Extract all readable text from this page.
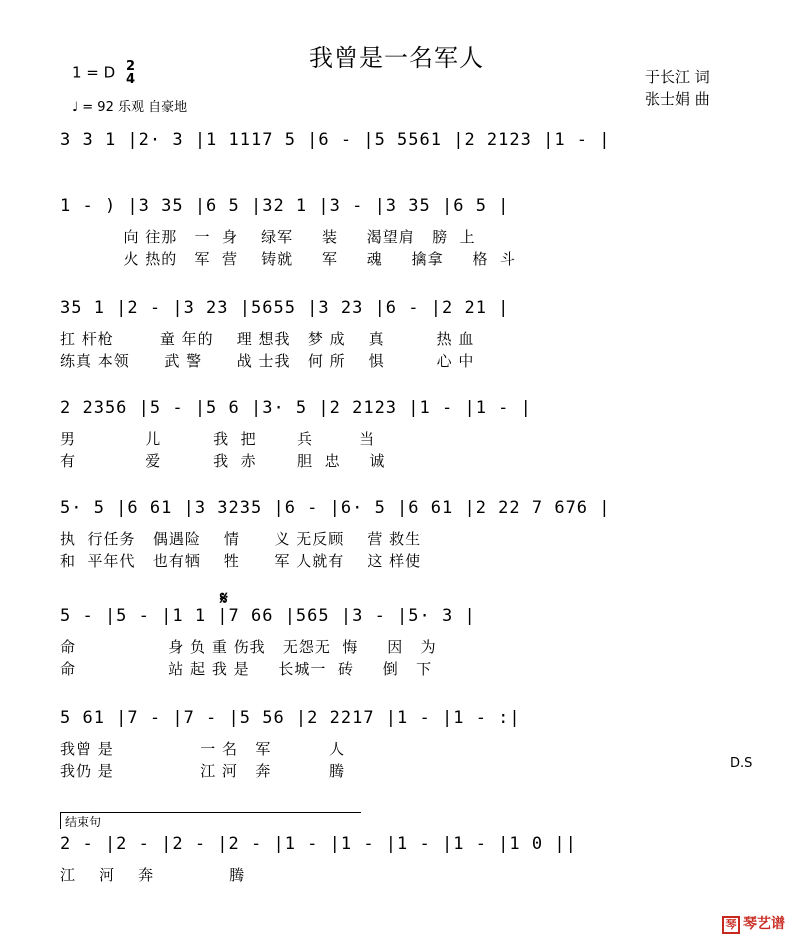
我曾是一名军人
1 = D 2
4
♩ = 92 乐观 自豪地
于长江 词
张士娟 曲
3 3 1 |2· 3 |1 1117 5 |6 - |5 5561 |2 2123 |1 - |
1 - ) |3 35 |6 5 |32 1 |3 - |3 35 |6 5 |
向 往那   一  身    绿军     装     渴望肩   膀  上
火 热的   军  营    铸就     军     魂     擒拿     格  斗
35 1 |2 - |3 23 |5655 |3 23 |6 - |2 21 |
扛 杆枪        童 年的    理 想我   梦 成    真         热 血
练真 本领      武 警      战 士我   何 所    惧         心 中
2 2356 |5 - |5 6 |3· 5 |2 2123 |1 - |1 - |
男            儿         我  把       兵        当
有            爱         我  赤       胆  忠     诚
5· 5 |6 61 |3 3235 |6 - |6· 5 |6 61 |2 22 7 676 |
执  行任务   偶遇险    情      义 无反顾    营 救生
和  平年代   也有牺    牲      军 人就有    这 样使
𝄋
5 - |5 - |1 1 |7 66 |565 |3 - |5· 3 |
命                身 负 重 伤我   无怨无  悔     因   为
命                站 起 我 是     长城一  砖     倒   下
5 61 |7 - |7 - |5 56 |2 2217 |1 - |1 - :|
我曾 是               一 名   军          人
我仍 是               江 河   奔          腾	D.S
结束句
2 - |2 - |2 - |2 - |1 - |1 - |1 - |1 - |1 0 ||
江    河    奔             腾
琴 琴艺谱
